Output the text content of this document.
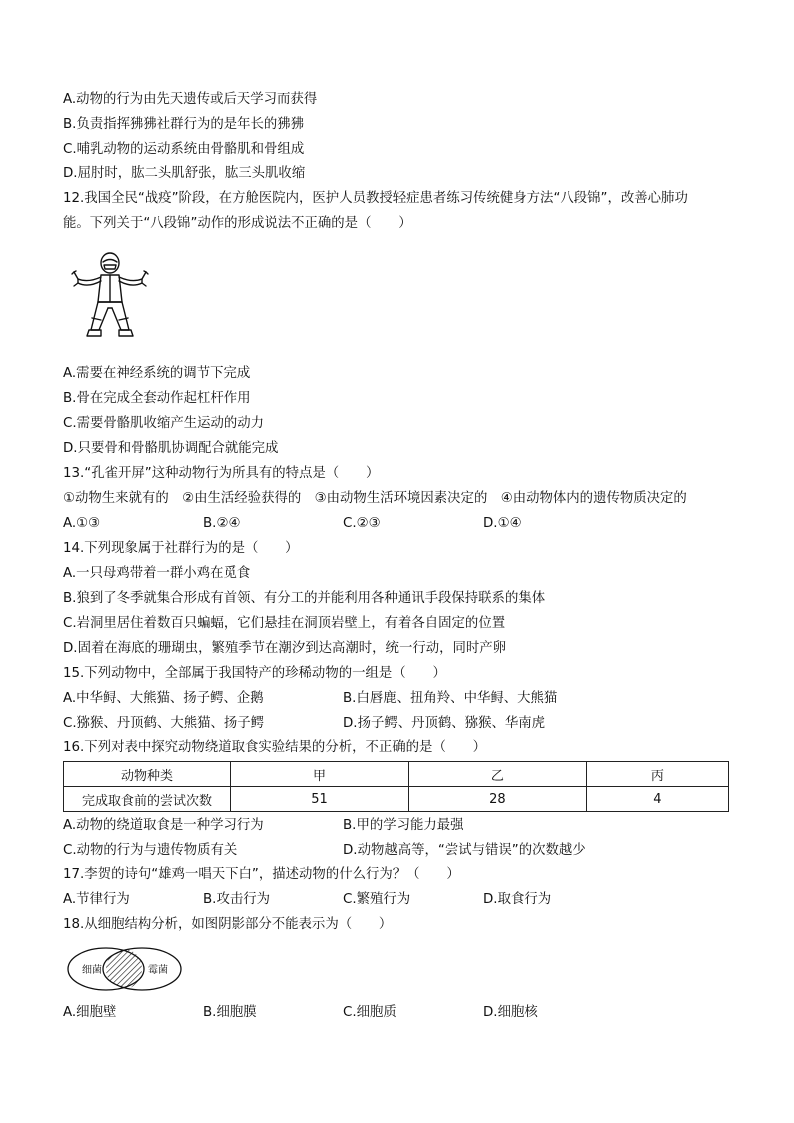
A.动物的行为由先天遗传或后天学习而获得
B.负责指挥狒狒社群行为的是年长的狒狒
C.哺乳动物的运动系统由骨骼肌和骨组成
D.屈肘时，肱二头肌舒张，肱三头肌收缩
12.我国全民“战疫”阶段，在方舱医院内，医护人员教授轻症患者练习传统健身方法“八段锦”，改善心肺功
能。下列关于“八段锦”动作的形成说法不正确的是（　　）
A.需要在神经系统的调节下完成
B.骨在完成全套动作起杠杆作用
C.需要骨骼肌收缩产生运动的动力
D.只要骨和骨骼肌协调配合就能完成
13.“孔雀开屏”这种动物行为所具有的特点是（　　）
①动物生来就有的　②由生活经验获得的　③由动物生活环境因素决定的　④由动物体内的遗传物质决定的
A.①③	B.②④	C.②③	D.①④
14.下列现象属于社群行为的是（　　）
A.一只母鸡带着一群小鸡在觅食
B.狼到了冬季就集合形成有首领、有分工的并能利用各种通讯手段保持联系的集体
C.岩洞里居住着数百只蝙蝠，它们悬挂在洞顶岩壁上，有着各自固定的位置
D.固着在海底的珊瑚虫，繁殖季节在潮汐到达高潮时，统一行动，同时产卵
15.下列动物中，全部属于我国特产的珍稀动物的一组是（　　）
A.中华鲟、大熊猫、扬子鳄、企鹅	B.白唇鹿、扭角羚、中华鲟、大熊猫
C.猕猴、丹顶鹤、大熊猫、扬子鳄	D.扬子鳄、丹顶鹤、猕猴、华南虎
16.下列对表中探究动物绕道取食实验结果的分析，不正确的是（　　）
动物种类	甲	乙	丙
完成取食前的尝试次数	51	28	4
A.动物的绕道取食是一种学习行为	B.甲的学习能力最强
C.动物的行为与遗传物质有关	D.动物越高等，“尝试与错误”的次数越少
17.李贺的诗句“雄鸡一唱天下白”，描述动物的什么行为？（　　）
A.节律行为	B.攻击行为	C.繁殖行为	D.取食行为
18.从细胞结构分析，如图阴影部分不能表示为（　　）
细菌	霉菌
A.细胞壁	B.细胞膜	C.细胞质	D.细胞核
